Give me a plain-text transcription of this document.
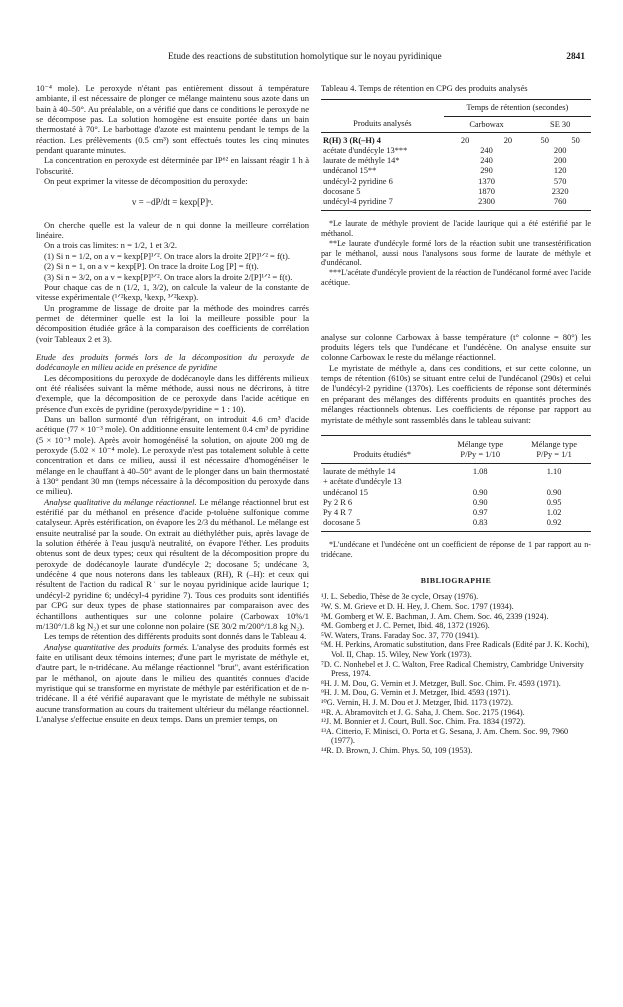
Etude des reactions de substitution homolytique sur le noyau pyridinique	2841

10⁻⁴ mole). Le peroxyde n'étant pas entièrement dissout à température ambiante, il est nécessaire de plonger ce mélange maintenu sous azote dans un bain à 40–50°. Au préalable, on a vérifié que dans ce conditions le peroxyde ne se décompose pas. La solution homogène est ensuite portée dans un bain thermostaté à 70°. Le barbottage d'azote est maintenu pendant le temps de la réaction. Les prélèvements (0.5 cm³) sont effectués toutes les cinq minutes pendant quarante minutes.

La concentration en peroxyde est déterminée par IP⁶² en laissant réagir 1 h à l'obscurité.

On peut exprimer la vitesse de décomposition du peroxyde:

v = −dP/dt = kexp[P]ⁿ.

On cherche quelle est la valeur de n qui donne la meilleure corrélation linéaire.

On a trois cas limites: n = 1/2, 1 et 3/2.

(1) Si n = 1/2, on a v = kexp[P]¹ᐟ². On trace alors la droite 2[P]¹ᐟ² = f(t).

(2) Si n = 1, on a v = kexp[P]. On trace la droite Log [P] = f(t).

(3) Si n = 3/2, on a v = kexp[P]³ᐟ². On trace alors la droite 2/[P]¹ᐟ² = f(t).

Pour chaque cas de n (1/2, 1, 3/2), on calcule la valeur de la constante de vitesse expérimentale (¹ᐟ²kexp, ¹kexp, ³ᐟ²kexp).

Un programme de lissage de droite par la méthode des moindres carrés permet de déterminer quelle est la loi la meilleure possible pour la décomposition étudiée grâce à la comparaison des coefficients de corrélation (voir Tableaux 2 et 3).

Etude des produits formés lors de la décomposition du peroxyde de dodécanoyle en milieu acide en présence de pyridine

Les décompositions du peroxyde de dodécanoyle dans les différents milieux ont été réalisées suivant la même méthode, aussi nous ne décrirons, à titre d'exemple, que la décomposition de ce peroxyde dans l'acide acétique en présence d'un excès de pyridine (peroxyde/pyridine = 1 : 10).

Dans un ballon surmonté d'un réfrigérant, on introduit 4.6 cm³ d'acide acétique (77 × 10⁻³ mole). On additionne ensuite lentement 0.4 cm³ de pyridine (5 × 10⁻³ mole). Après avoir homogénéisé la solution, on ajoute 200 mg de peroxyde (5.02 × 10⁻⁴ mole). Le peroxyde n'est pas totalement soluble à cette concentration et dans ce milieu, aussi il est nécessaire d'homogénéiser le mélange en le chauffant à 40–50° avant de le plonger dans un bain thermostaté à 130° pendant 30 mn (temps nécessaire à la décomposition du peroxyde dans ce milieu).

Analyse qualitative du mélange réactionnel. Le mélange réactionnel brut est estérifié par du méthanol en présence d'acide p-toluène sulfonique comme catalyseur. Après estérification, on évapore les 2/3 du méthanol. Le mélange est ensuite neutralisé par la soude. On extrait au diéthyléther puis, après lavage de la solution éthérée à l'eau jusqu'à neutralité, on évapore l'éther. Les produits obtenus sont de deux types; ceux qui résultent de la décomposition propre du peroxyde de dodécanoyle laurate d'undécyle 2; docosane 5; undécane 3, undécène 4 que nous noterons dans les tableaux (RH), R (–H): et ceux qui résultent de l'action du radical R˙ sur le noyau pyridinique acide laurique 1; undécyl-2 pyridine 6; undécyl-4 pyridine 7). Tous ces produits sont identifiés par CPG sur deux types de phase stationnaires par comparaison avec des échantillons authentiques sur une colonne polaire (Carbowax 10%/1 m/130°/1.8 kg N₂) et sur une colonne non polaire (SE 30/2 m/200°/1.8 kg N₂).

Les temps de rétention des différents produits sont donnés dans le Tableau 4.

Analyse quantitative des produits formés. L'analyse des produits formés est faite en utilisant deux témoins internes; d'une part le myristate de méthyle et, d'autre part, le n-tridécane. Au mélange réactionnel "brut", avant estérification par le méthanol, on ajoute dans le milieu des quantités connues d'acide myristique qui se transforme en myristate de méthyle par estérification et de n-tridécane. Il a été vérifié auparavant que le myristate de méthyle ne subissait aucune transformation au cours du traitement ultérieur du mélange réactionnel. L'analyse s'effectue ensuite en deux temps. Dans un premier temps, on

Tableau 4. Temps de rétention en CPG des produits analysés

	Temps de rétention (secondes)			
Produits analysés	Carbowax		SE 30	
R(H) 3 (R(–H) 4	20	20	50	50
acétate d'undécyle 13***	240		200	
laurate de méthyle 14*	240		200	
undécanol 15**	290		120	
undécyl-2 pyridine 6	1370		570	
docosane 5	1870		2320	
undécyl-4 pyridine 7	2300		760	

*Le laurate de méthyle provient de l'acide laurique qui a été estérifié par le méthanol.

**Le laurate d'undécyle formé lors de la réaction subit une transestérification par le méthanol, aussi nous l'analysons sous forme de laurate de méthyle et d'undécanol.

***L'acétate d'undécyle provient de la réaction de l'undécanol formé avec l'acide acétique.

analyse sur colonne Carbowax à basse température (t° colonne = 80°) les produits légers tels que l'undécane et l'undécène. On analyse ensuite sur colonne Carbowax le reste du mélange réactionnel.

Le myristate de méthyle a, dans ces conditions, et sur cette colonne, un temps de rétention (610s) se situant entre celui de l'undécanol (290s) et celui de l'undécyl-2 pyridine (1370s). Les coefficients de réponse sont déterminés en préparant des mélanges des différents produits en quantités proches des mélanges réactionnels obtenus. Les coefficients de réponse par rapport au myristate de méthyle sont rassemblés dans le tableau suivant:

	Mélange type	Mélange type
Produits étudiés*	P/Py = 1/10	P/Py = 1/1
laurate de méthyle 14	1.08	1.10
+ acétate d'undécyle 13		
undécanol 15	0.90	0.90
Py 2 R 6	0.90	0.95
Py 4 R 7	0.97	1.02
docosane 5	0.83	0.92

*L'undécane et l'undécène ont un coefficient de réponse de 1 par rapport au n-tridécane.

BIBLIOGRAPHIE

¹J. L. Sebedio, Thèse de 3e cycle, Orsay (1976).

²W. S. M. Grieve et D. H. Hey, J. Chem. Soc. 1797 (1934).

³M. Gomberg et W. E. Bachman, J. Am. Chem. Soc. 46, 2339 (1924).

⁴M. Gomberg et J. C. Pernet, Ibid. 48, 1372 (1926).

⁵W. Waters, Trans. Faraday Soc. 37, 770 (1941).

⁶M. H. Perkins, Aromatic substitution, dans Free Radicals (Edité par J. K. Kochi), Vol. II, Chap. 15. Wiley, New York (1973).

⁷D. C. Nonhebel et J. C. Walton, Free Radical Chemistry, Cambridge University Press, 1974.

⁸H. J. M. Dou, G. Vernin et J. Metzger, Bull. Soc. Chim. Fr. 4593 (1971).

⁹H. J. M. Dou, G. Vernin et J. Metzger, Ibid. 4593 (1971).

¹⁰G. Vernin, H. J. M. Dou et J. Metzger, Ibid. 1173 (1972).

¹¹R. A. Abramovitch et J. G. Saha, J. Chem. Soc. 2175 (1964).

¹²J. M. Bonnier et J. Court, Bull. Soc. Chim. Fra. 1834 (1972).

¹³A. Citterio, F. Minisci, O. Porta et G. Sesana, J. Am. Chem. Soc. 99, 7960 (1977).

¹⁴R. D. Brown, J. Chim. Phys. 50, 109 (1953).
